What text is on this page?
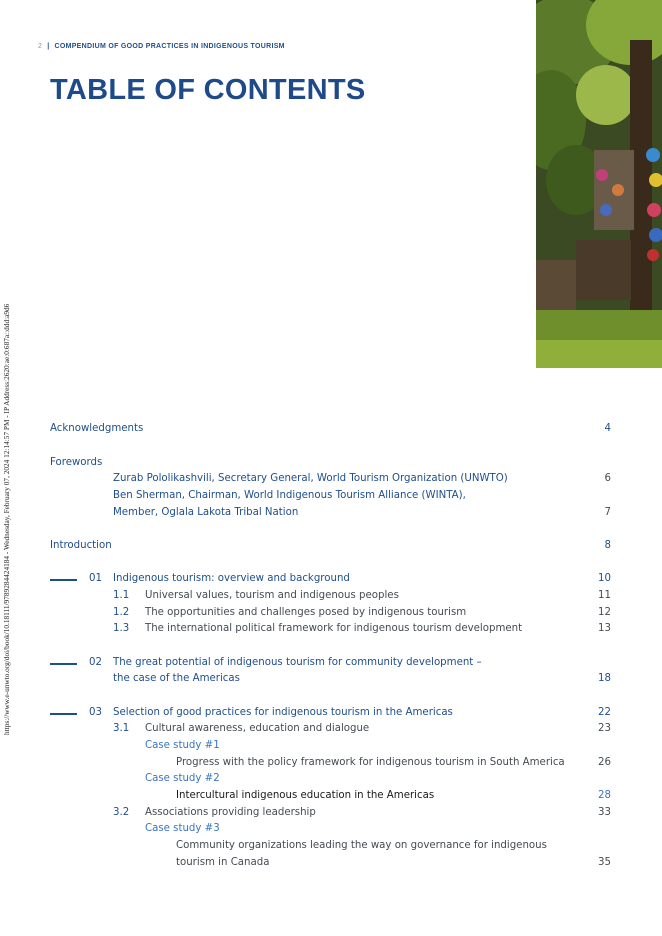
2 | COMPENDIUM OF GOOD PRACTICES IN INDIGENOUS TOURISM
TABLE OF CONTENTS
https://www.e-unwto.org/doi/book/10.18111/9789284424184 - Wednesday, February 07, 2024 12:14:57 PM - IP Address:2620:ae:0:687a::ddd:a9d6	Acknowledgments	4
Forewords
Zurab Pololikashvili, Secretary General, World Tourism Organization (UNWTO)	6
Ben Sherman, Chairman, World Indigenous Tourism Alliance (WINTA),
Member, Oglala Lakota Tribal Nation	7
Introduction	8
01 Indigenous tourism: overview and background	10
1.1 Universal values, tourism and indigenous peoples	11
1.2 The opportunities and challenges posed by indigenous tourism	12
1.3 The international political framework for indigenous tourism development	13
02 The great potential of indigenous tourism for community development –
the case of the Americas	18
03 Selection of good practices for indigenous tourism in the Americas	22
3.1 Cultural awareness, education and dialogue	23
Case study #1
Progress with the policy framework for indigenous tourism in South America	26
Case study #2
Intercultural indigenous education in the Americas	28
3.2 Associations providing leadership	33
Case study #3
Community organizations leading the way on governance for indigenous
tourism in Canada	35
